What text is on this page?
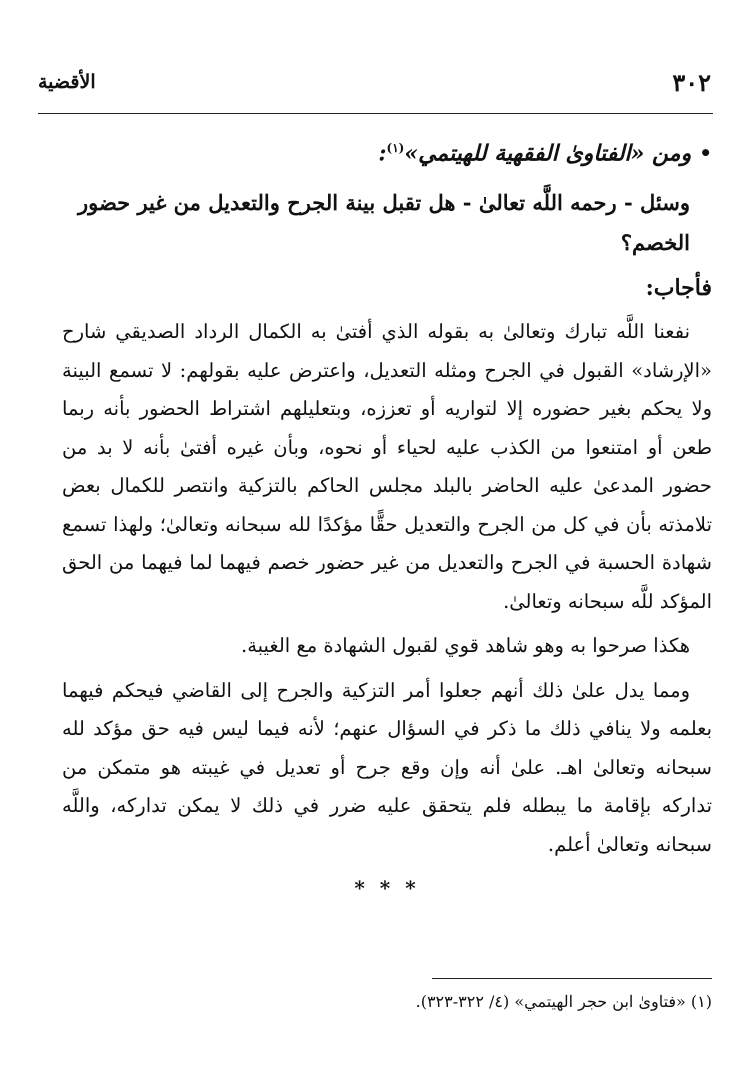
٣٠٢
الأقضية

•ومن «الفتاوىٰ الفقهية للهيتمي»$^{(١)}$:

وسئل - رحمه اللَّه تعالىٰ - هل تقبل بينة الجرح والتعديل من غير حضور الخصم؟

فأجاب:

نفعنا اللَّه تبارك وتعالىٰ به بقوله الذي أفتىٰ به الكمال الرداد الصديقي شارح «الإرشاد» القبول في الجرح ومثله التعديل، واعترض عليه بقولهم: لا تسمع البينة ولا يحكم بغير حضوره إلا لتواريه أو تعززه، وبتعليلهم اشتراط الحضور بأنه ربما طعن أو امتنعوا من الكذب عليه لحياء أو نحوه، وبأن غيره أفتىٰ بأنه لا بد من حضور المدعىٰ عليه الحاضر بالبلد مجلس الحاكم بالتزكية وانتصر للكمال بعض تلامذته بأن في كل من الجرح والتعديل حقًّا مؤكدًا لله سبحانه وتعالىٰ؛ ولهذا تسمع شهادة الحسبة في الجرح والتعديل من غير حضور خصم فيهما لما فيهما من الحق المؤكد للَّه سبحانه وتعالىٰ.

هكذا صرحوا به وهو شاهد قوي لقبول الشهادة مع الغيبة.

ومما يدل علىٰ ذلك أنهم جعلوا أمر التزكية والجرح إلى القاضي فيحكم فيهما بعلمه ولا ينافي ذلك ما ذكر في السؤال عنهم؛ لأنه فيما ليس فيه حق مؤكد لله سبحانه وتعالىٰ اهـ. علىٰ أنه وإن وقع جرح أو تعديل في غيبته هو متمكن من تداركه بإقامة ما يبطله فلم يتحقق عليه ضرر في ذلك لا يمكن تداركه، واللَّه سبحانه وتعالىٰ أعلم.

* * *

(١) «فتاوىٰ ابن حجر الهيتمي» (٤/ ٣٢٢-٣٢٣).
